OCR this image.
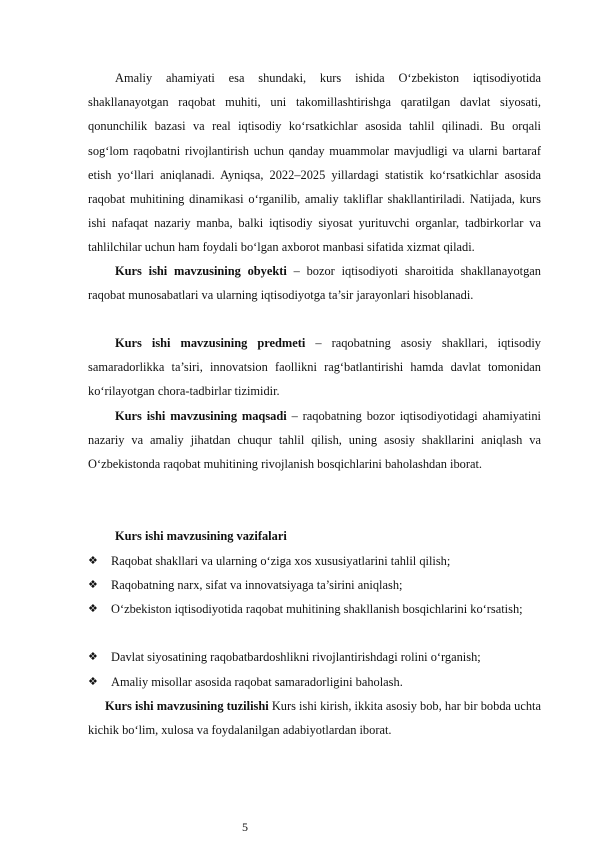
Amaliy ahamiyati esa shundaki, kurs ishida O‘zbekiston iqtisodiyotida shakllanayotgan raqobat muhiti, uni takomillashtirishga qaratilgan davlat siyosati, qonunchilik bazasi va real iqtisodiy ko‘rsatkichlar asosida tahlil qilinadi. Bu orqali sog‘lom raqobatni rivojlantirish uchun qanday muammolar mavjudligi va ularni bartaraf etish yo‘llari aniqlanadi. Ayniqsa, 2022–2025 yillardagi statistik ko‘rsatkichlar asosida raqobat muhitining dinamikasi o‘rganilib, amaliy takliflar shakllantiriladi. Natijada, kurs ishi nafaqat nazariy manba, balki iqtisodiy siyosat yurituvchi organlar, tadbirkorlar va tahlilchilar uchun ham foydali bo‘lgan axborot manbasi sifatida xizmat qiladi.

Kurs ishi mavzusining obyekti – bozor iqtisodiyoti sharoitida shakllanayotgan raqobat munosabatlari va ularning iqtisodiyotga ta’sir jarayonlari hisoblanadi.

Kurs ishi mavzusining predmeti – raqobatning asosiy shakllari, iqtisodiy samaradorlikka ta’siri, innovatsion faollikni rag‘batlantirishi hamda davlat tomonidan ko‘rilayotgan chora-tadbirlar tizimidir.

Kurs ishi mavzusining maqsadi – raqobatning bozor iqtisodiyotidagi ahamiyatini nazariy va amaliy jihatdan chuqur tahlil qilish, uning asosiy shakllarini aniqlash va O‘zbekistonda raqobat muhitining rivojlanish bosqichlarini baholashdan iborat.

Kurs ishi mavzusining vazifalari

❖	Raqobat shakllari va ularning o‘ziga xos xususiyatlarini tahlil qilish;
❖	Raqobatning narx, sifat va innovatsiyaga ta’sirini aniqlash;
❖	O‘zbekiston iqtisodiyotida raqobat muhitining shakllanish bosqichlarini ko‘rsatish;
❖	Davlat siyosatining raqobatbardoshlikni rivojlantirishdagi rolini o‘rganish;
❖	Amaliy misollar asosida raqobat samaradorligini baholash.

Kurs ishi mavzusining tuzilishi Kurs ishi kirish, ikkita asosiy bob, har bir bobda uchta kichik bo‘lim, xulosa va foydalanilgan adabiyotlardan iborat.

5
